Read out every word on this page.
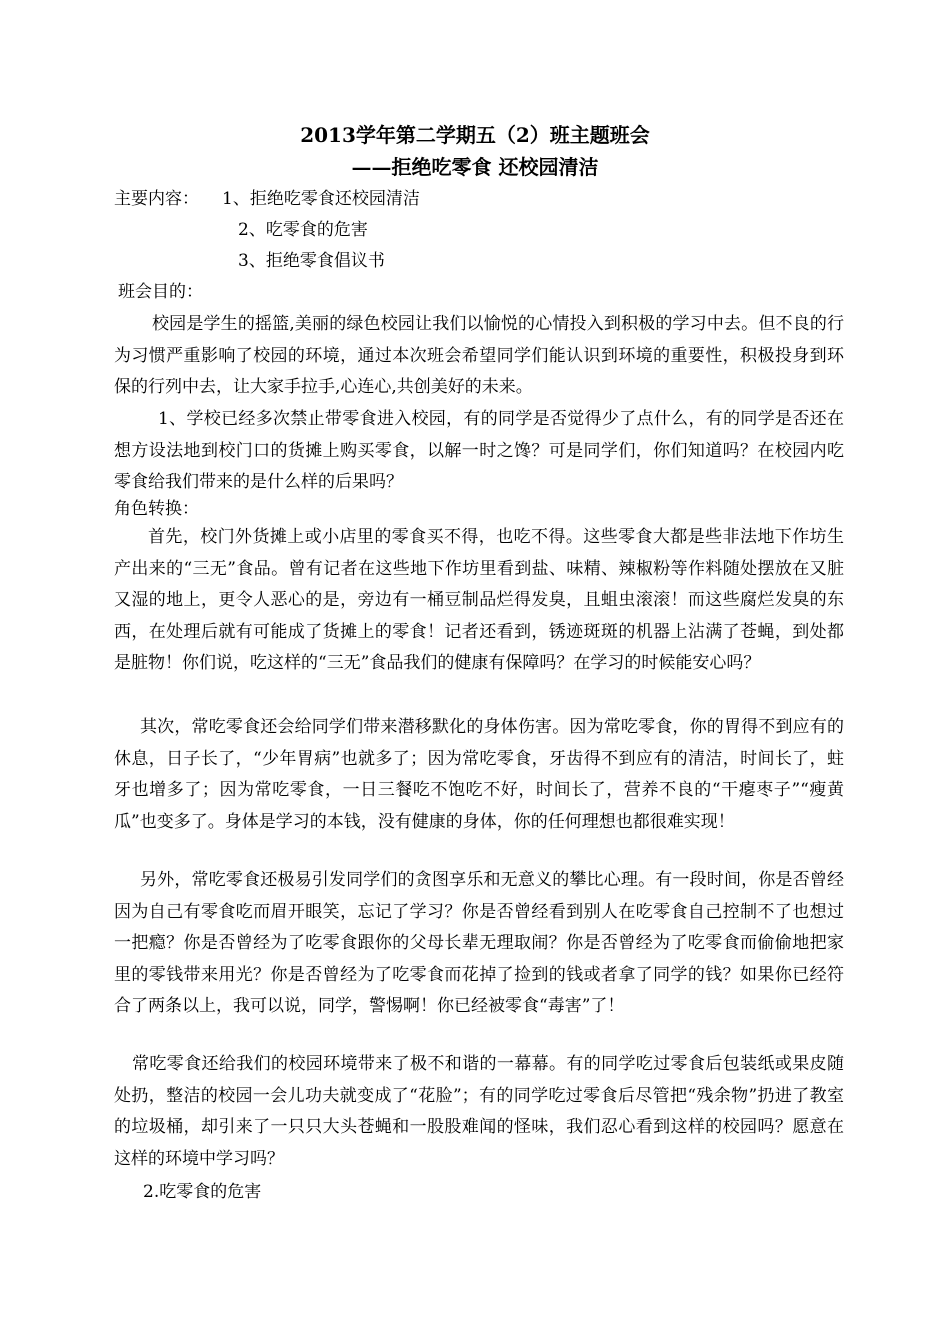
2013学年第二学期五（2）班主题班会
——拒绝吃零食 还校园清洁
主要内容： 1、拒绝吃零食还校园清洁
2、吃零食的危害
3、拒绝零食倡议书
班会目的：

校园是学生的摇篮,美丽的绿色校园让我们以愉悦的心情投入到积极的学习中去。但不良的行为习惯严重影响了校园的环境，通过本次班会希望同学们能认识到环境的重要性，积极投身到环保的行列中去，让大家手拉手,心连心,共创美好的未来。

1、学校已经多次禁止带零食进入校园，有的同学是否觉得少了点什么，有的同学是否还在想方设法地到校门口的货摊上购买零食，以解一时之馋？可是同学们，你们知道吗？在校园内吃零食给我们带来的是什么样的后果吗？

角色转换：

首先，校门外货摊上或小店里的零食买不得，也吃不得。这些零食大都是些非法地下作坊生产出来的“三无”食品。曾有记者在这些地下作坊里看到盐、味精、辣椒粉等作料随处摆放在又脏又湿的地上，更令人恶心的是，旁边有一桶豆制品烂得发臭，且蛆虫滚滚！而这些腐烂发臭的东西，在处理后就有可能成了货摊上的零食！记者还看到，锈迹斑斑的机器上沾满了苍蝇，到处都是脏物！你们说，吃这样的“三无”食品我们的健康有保障吗？在学习的时候能安心吗？

其次，常吃零食还会给同学们带来潜移默化的身体伤害。因为常吃零食，你的胃得不到应有的休息，日子长了，“少年胃病”也就多了；因为常吃零食，牙齿得不到应有的清洁，时间长了，蛀牙也增多了；因为常吃零食，一日三餐吃不饱吃不好，时间长了，营养不良的“干瘪枣子”“瘦黄瓜”也变多了。身体是学习的本钱，没有健康的身体，你的任何理想也都很难实现！

另外，常吃零食还极易引发同学们的贪图享乐和无意义的攀比心理。有一段时间，你是否曾经因为自己有零食吃而眉开眼笑，忘记了学习？你是否曾经看到别人在吃零食自己控制不了也想过一把瘾？你是否曾经为了吃零食跟你的父母长辈无理取闹？你是否曾经为了吃零食而偷偷地把家里的零钱带来用光？你是否曾经为了吃零食而花掉了捡到的钱或者拿了同学的钱？如果你已经符合了两条以上，我可以说，同学，警惕啊！你已经被零食“毒害”了！

常吃零食还给我们的校园环境带来了极不和谐的一幕幕。有的同学吃过零食后包装纸或果皮随处扔，整洁的校园一会儿功夫就变成了“花脸”；有的同学吃过零食后尽管把“残余物”扔进了教室的垃圾桶，却引来了一只只大头苍蝇和一股股难闻的怪味，我们忍心看到这样的校园吗？愿意在这样的环境中学习吗？

2.吃零食的危害
